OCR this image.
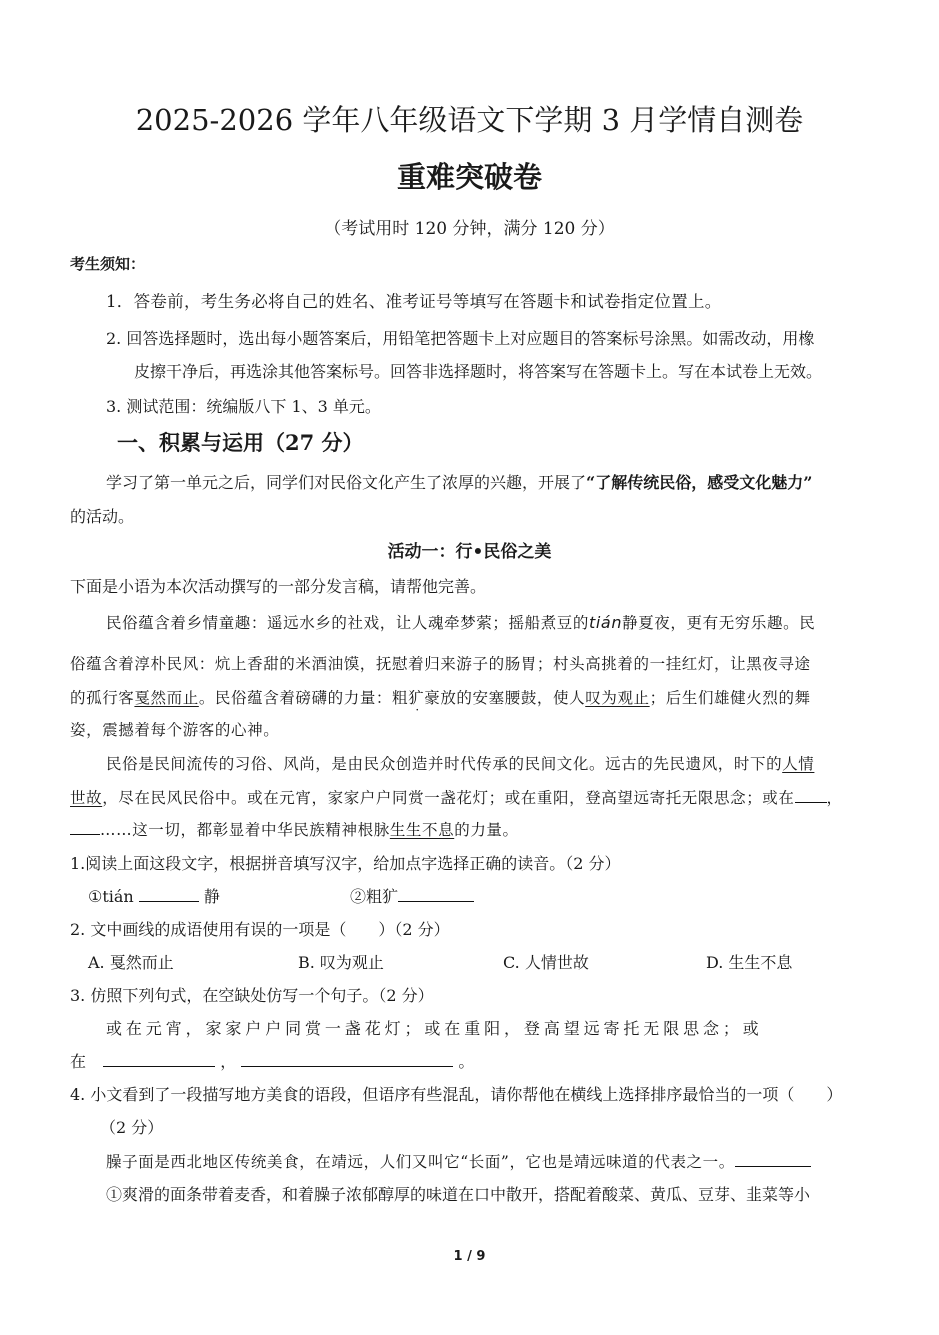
2025-2026 学年八年级语文下学期 3 月学情自测卷
重难突破卷
（考试用时 120 分钟，满分 120 分）
考生须知：
1．答卷前，考生务必将自己的姓名、准考证号等填写在答题卡和试卷指定位置上。
2. 回答选择题时，选出每小题答案后，用铅笔把答题卡上对应题目的答案标号涂黑。如需改动，用橡
皮擦干净后，再选涂其他答案标号。回答非选择题时，将答案写在答题卡上。写在本试卷上无效。
3. 测试范围：统编版八下 1、3 单元。
一、积累与运用（27 分）
学习了第一单元之后，同学们对民俗文化产生了浓厚的兴趣，开展了“了解传统民俗，感受文化魅力”
的活动。
活动一：行•民俗之美
下面是小语为本次活动撰写的一部分发言稿，请帮他完善。
民俗蕴含着乡情童趣：遥远水乡的社戏，让人魂牵梦萦；摇船煮豆的tián静夏夜，更有无穷乐趣。民
俗蕴含着淳朴民风：炕上香甜的米酒油馍，抚慰着归来游子的肠胃；村头高挑着的一挂红灯，让黑夜寻途
的孤行客戛然而止。民俗蕴含着磅礴的力量：粗犷豪放的安塞腰鼓，使人叹为观止；后生们雄健火烈的舞
姿，震撼着每个游客的心神。
民俗是民间流传的习俗、风尚，是由民众创造并时代传承的民间文化。远古的先民遗风，时下的人情
世故，尽在民风民俗中。或在元宵，家家户户同赏一盏花灯；或在重阳，登高望远寄托无限思念；或在 ，
……这一切，都彰显着中华民族精神根脉生生不息的力量。
1.阅读上面这段文字，根据拼音填写汉字，给加点字选择正确的读音。（2 分）
①tián	静	②粗犷
2. 文中画线的成语使用有误的一项是（　　）（2 分）
A. 戛然而止	B. 叹为观止	C. 人情世故	D. 生生不息
3. 仿照下列句式，在空缺处仿写一个句子。（2 分）
或在元宵，家家户户同赏一盏花灯；或在重阳，登高望远寄托无限思念；或
在	，	。
4. 小文看到了一段描写地方美食的语段，但语序有些混乱，请你帮他在横线上选择排序最恰当的一项（　　）
（2 分）
臊子面是西北地区传统美食，在靖远，人们又叫它“长面”，它也是靖远味道的代表之一。
①爽滑的面条带着麦香，和着臊子浓郁醇厚的味道在口中散开，搭配着酸菜、黄瓜、豆芽、韭菜等小
1 / 9
